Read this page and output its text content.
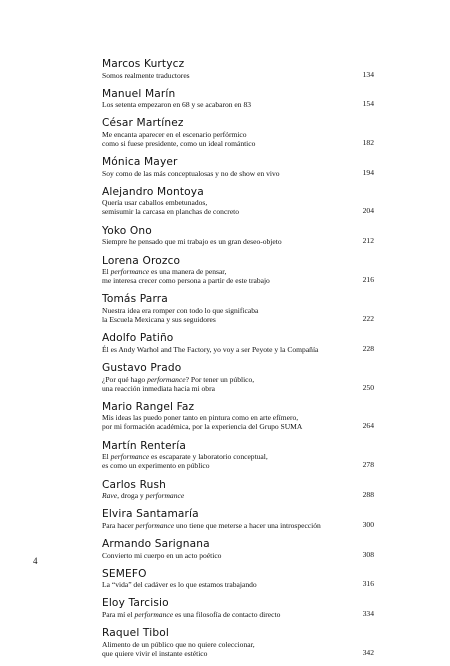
Marcos Kurtycz
Somos realmente traductores	134
Manuel Marín
Los setenta empezaron en 68 y se acabaron en 83	154
César Martínez
Me encanta aparecer en el escenario perfórmico
como si fuese presidente, como un ideal romántico	182
Mónica Mayer
Soy como de las más conceptualosas y no de show en vivo	194
Alejandro Montoya
Quería usar caballos embetunados,
semisumir la carcasa en planchas de concreto	204
Yoko Ono
Siempre he pensado que mi trabajo es un gran deseo-objeto	212
Lorena Orozco
El performance es una manera de pensar,
me interesa crecer como persona a partir de este trabajo	216
Tomás Parra
Nuestra idea era romper con todo lo que significaba
la Escuela Mexicana y sus seguidores	222
Adolfo Patiño
Él es Andy Warhol and The Factory, yo voy a ser Peyote y la Compañía	228
Gustavo Prado
¿Por qué hago performance? Por tener un público,
una reacción inmediata hacia mi obra	250
Mario Rangel Faz
Mis ideas las puedo poner tanto en pintura como en arte efímero,
por mi formación académica, por la experiencia del Grupo SUMA	264
Martín Rentería
El performance es escaparate y laboratorio conceptual,
es como un experimento en público	278
Carlos Rush
Rave, droga y performance	288
Elvira Santamaría
Para hacer performance uno tiene que meterse a hacer una introspección	300
Armando Sarignana
Convierto mi cuerpo en un acto poético	308
SEMEFO
La “vida” del cadáver es lo que estamos trabajando	316
Eloy Tarcisio
Para mí el performance es una filosofía de contacto directo	334
Raquel Tibol
Alimento de un público que no quiere coleccionar,
que quiere vivir el instante estético	342
4
